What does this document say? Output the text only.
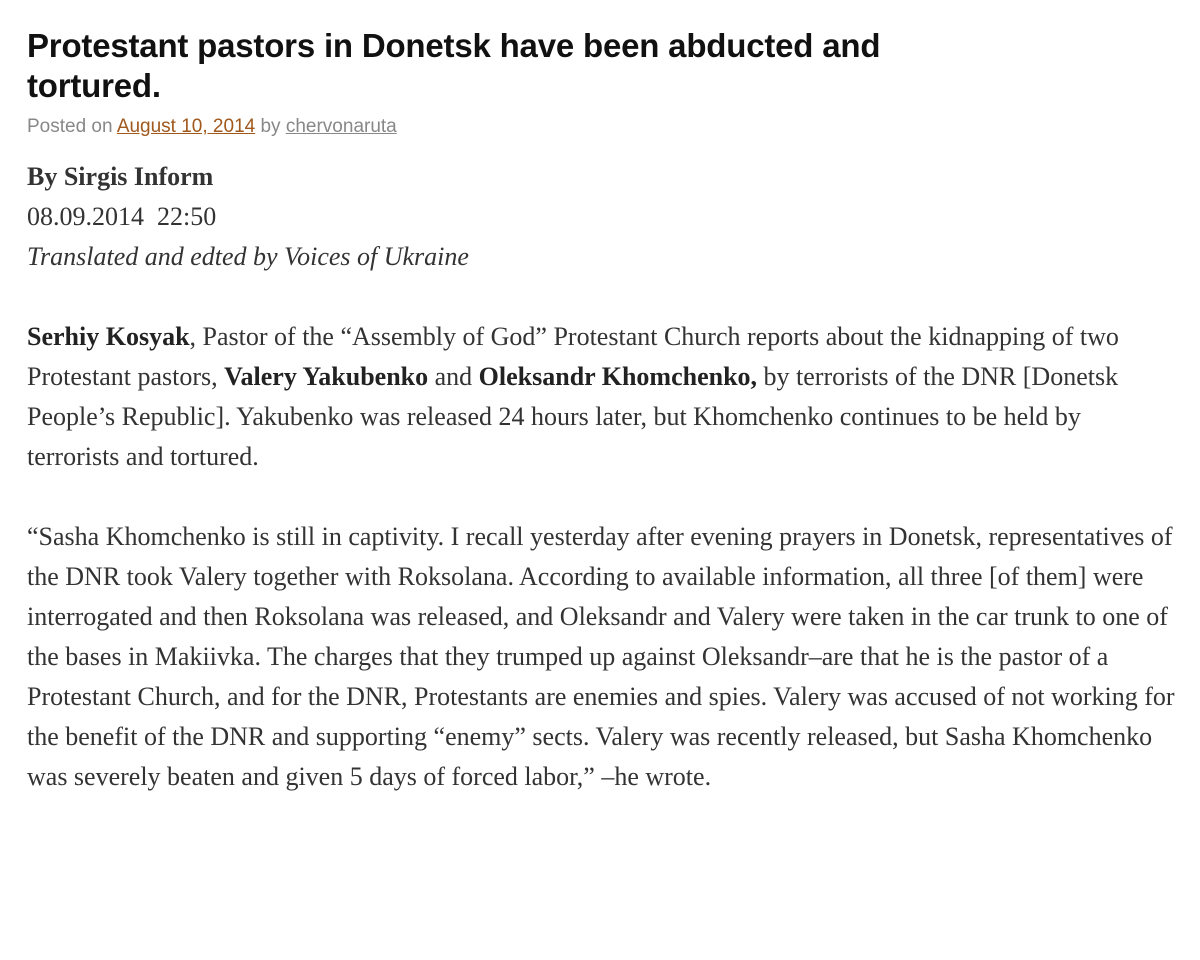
Protestant pastors in Donetsk have been abducted and tortured.
Posted on August 10, 2014 by chervonaruta
By Sirgis Inform
08.09.2014  22:50
Translated and edted by Voices of Ukraine

Serhiy Kosyak, Pastor of the “Assembly of God” Protestant Church reports about the kidnapping of two Protestant pastors, Valery Yakubenko and Oleksandr Khomchenko, by terrorists of the DNR [Donetsk People’s Republic]. Yakubenko was released 24 hours later, but Khomchenko continues to be held by terrorists and tortured.

“Sasha Khomchenko is still in captivity. I recall yesterday after evening prayers in Donetsk, representatives of the DNR took Valery together with Roksolana. According to available information, all three [of them] were interrogated and then Roksolana was released, and Oleksandr and Valery were taken in the car trunk to one of the bases in Makiivka. The charges that they trumped up against Oleksandr–are that he is the pastor of a Protestant Church, and for the DNR, Protestants are enemies and spies. Valery was accused of not working for the benefit of the DNR and supporting “enemy” sects. Valery was recently released, but Sasha Khomchenko was severely beaten and given 5 days of forced labor,” –he wrote.
